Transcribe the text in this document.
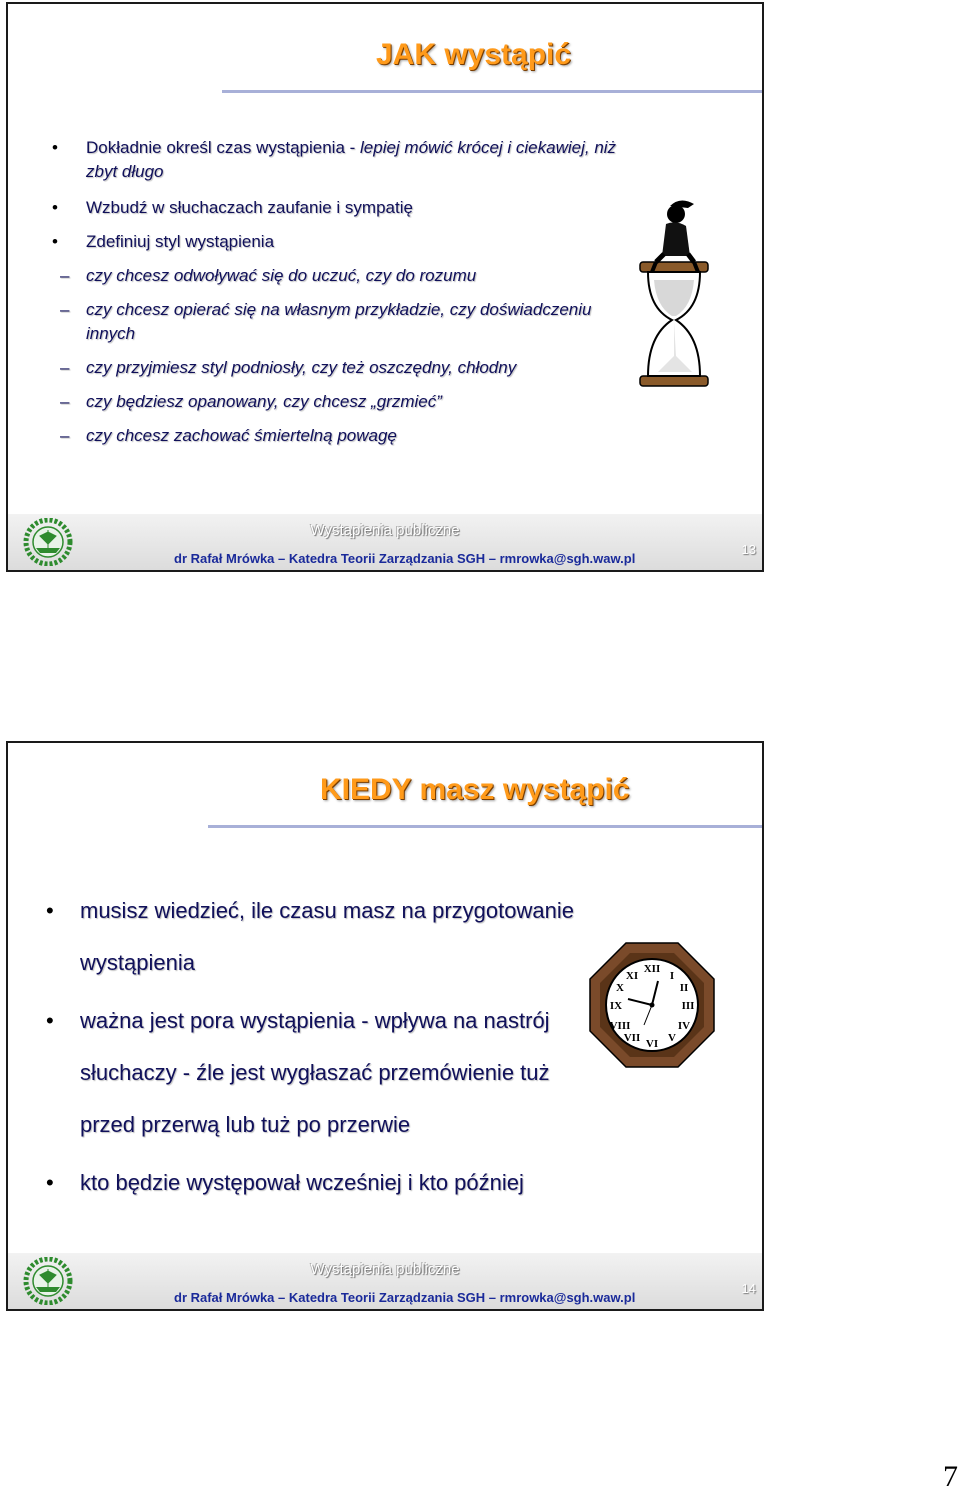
JAK wystąpić
• Dokładnie określ czas wystąpienia - lepiej mówić krócej i ciekawiej, niż zbyt długo
• Wzbudź w słuchaczach zaufanie i sympatię
• Zdefiniuj styl wystąpienia
– czy chcesz odwoływać się do uczuć, czy do rozumu
– czy chcesz opierać się na własnym przykładzie, czy doświadczeniu innych
– czy przyjmiesz styl podniosły, czy też oszczędny, chłodny
– czy będziesz opanowany, czy chcesz „grzmieć”
– czy chcesz zachować śmiertelną powagę
Wystąpienia publiczne
dr Rafał Mrówka – Katedra Teorii Zarządzania SGH – rmrowka@sgh.waw.pl
13
KIEDY masz wystąpić
• musisz wiedzieć, ile czasu masz na przygotowanie wystąpienia
• ważna jest pora wystąpienia - wpływa na nastrój słuchaczy - źle jest wygłaszać przemówienie tuż przed przerwą lub tuż po przerwie
• kto będzie występował wcześniej i kto później
XII
III
VI
IX
I
II
IV
V
VII
VIII
X
XI
Wystąpienia publiczne
dr Rafał Mrówka – Katedra Teorii Zarządzania SGH – rmrowka@sgh.waw.pl
14
7
